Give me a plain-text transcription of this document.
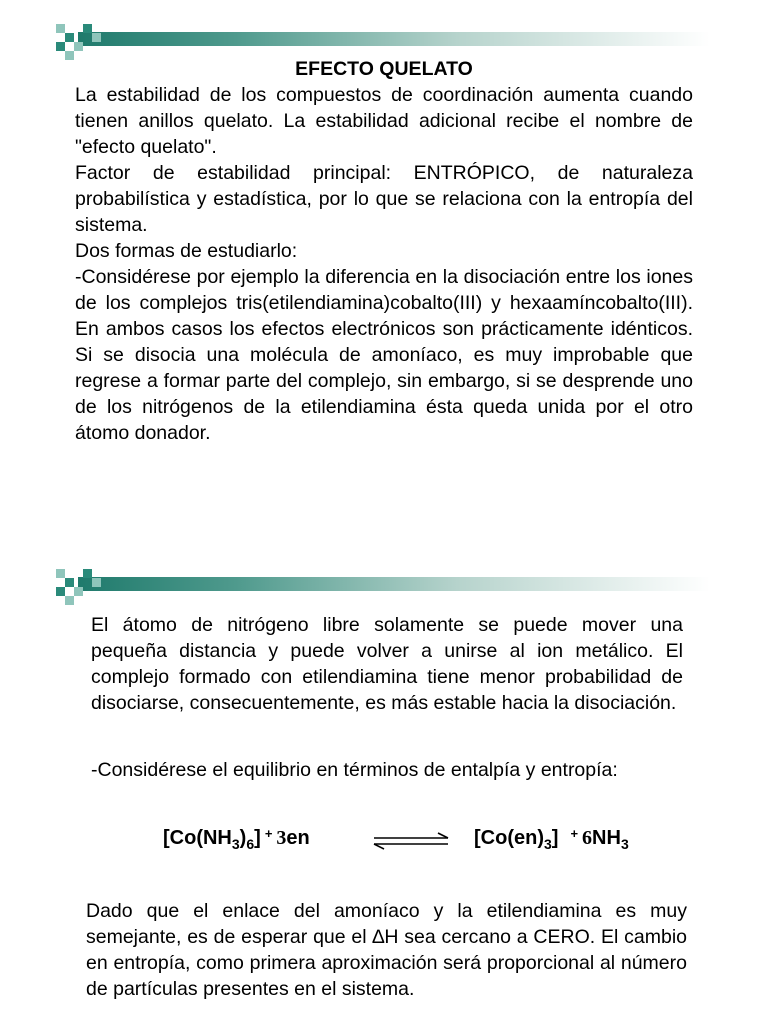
EFECTO QUELATO

La estabilidad de los compuestos de coordinación aumenta cuando tienen anillos quelato. La estabilidad adicional recibe el nombre de "efecto quelato".

Factor de estabilidad principal: ENTRÓPICO, de naturaleza probabilística y estadística, por lo que se relaciona con la entropía del sistema.

Dos formas de estudiarlo:

-Considérese por ejemplo la diferencia en la disociación entre los iones de los complejos tris(etilendiamina)cobalto(III) y hexaamíncobalto(III). En ambos casos los efectos electrónicos son prácticamente idénticos. Si se disocia una molécula de amoníaco, es muy improbable que regrese a formar parte del complejo, sin embargo, si se desprende uno de los nitrógenos de la etilendiamina ésta queda unida por el otro átomo donador.

El átomo de nitrógeno libre solamente se puede mover una pequeña distancia y puede volver a unirse al ion metálico. El complejo formado con etilendiamina tiene menor probabilidad de disociarse, consecuentemente, es más estable hacia la disociación.

-Considérese el equilibrio en términos de entalpía y entropía:

$[Co(NH_3)_6]$ + 3en	$[Co(en)_3]$ + $6NH_3$

Dado que el enlace del amoníaco y la etilendiamina es muy semejante, es de esperar que el ∆H sea cercano a CERO. El cambio en entropía, como primera aproximación será proporcional al número de partículas presentes en el sistema.
